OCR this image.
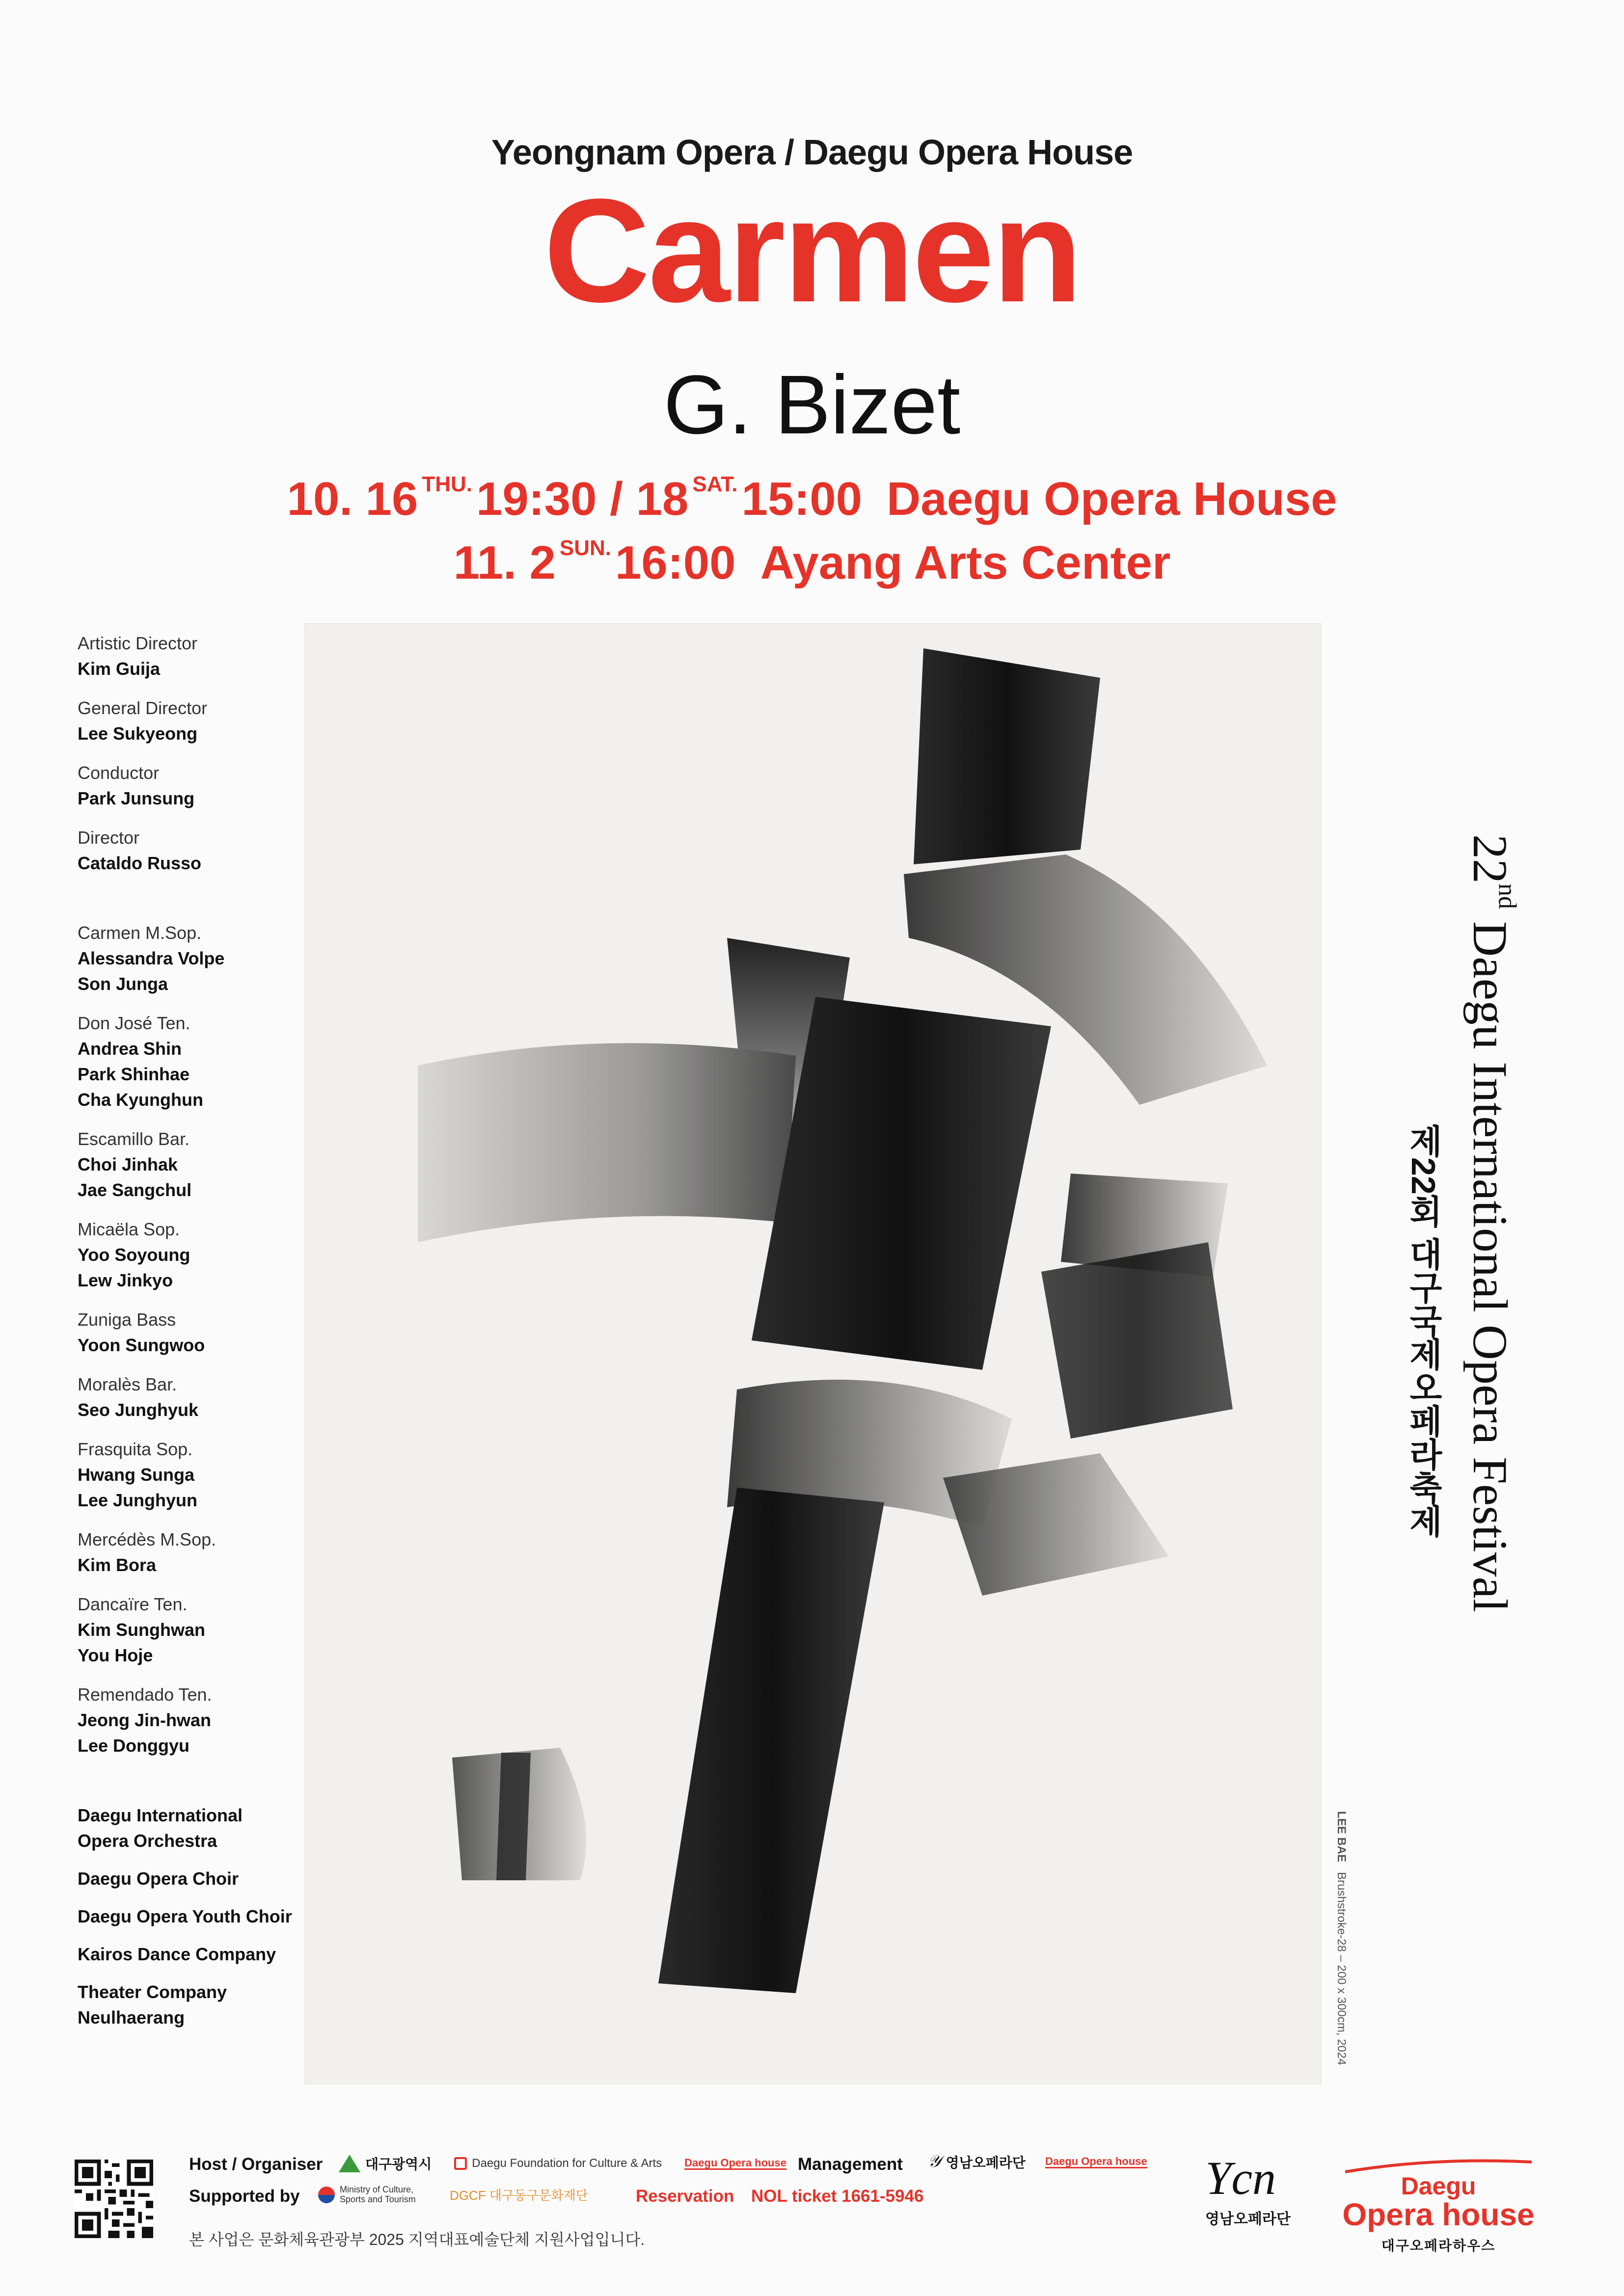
Yeongnam Opera / Daegu Opera House
Carmen
G. Bizet
10. 16 $^{THU.}$19:30 / 18 $^{SAT.}$15:00 Daegu Opera House
11. 2 $^{SUN.}$16:00 Ayang Arts Center
Artistic Director
Kim Guija
General Director
Lee Sukyeong
Conductor
Park Junsung
Director
Cataldo Russo
Carmen M.Sop.
Alessandra Volpe
Son Junga
Don José Ten.
Andrea Shin
Park Shinhae
Cha Kyunghun
Escamillo Bar.
Choi Jinhak
Jae Sangchul
Micaëla Sop.
Yoo Soyoung
Lew Jinkyo
Zuniga Bass
Yoon Sungwoo
Moralès Bar.
Seo Junghyuk
Frasquita Sop.
Hwang Sunga
Lee Junghyun
Mercédès M.Sop.
Kim Bora
Dancaïre Ten.
Kim Sunghwan
You Hoje
Remendado Ten.
Jeong Jin-hwan
Lee Donggyu
Daegu International
Opera Orchestra
Daegu Opera Choir
Daegu Opera Youth Choir
Kairos Dance Company
Theater Company
Neulhaerang
LEE BAE   Brushstroke-28 – 200 x 300cm, 2024
22nd Daegu International Opera Festival
제22회 대구국제오페라축제
Host / Organiser	대구광역시	Daegu Foundation for Culture & Arts Daegu Opera house Management 𝒴 영남오페라단 Daegu Opera house
Supported by	Ministry of Culture, Sports and Tourism	DGCF 대구동구문화재단	Reservation NOL ticket 1661-5946
본 사업은 문화체육관광부 2025 지역대표예술단체 지원사업입니다.
Ycn
영남오페라단
Daegu
Opera house
대구오페라하우스
